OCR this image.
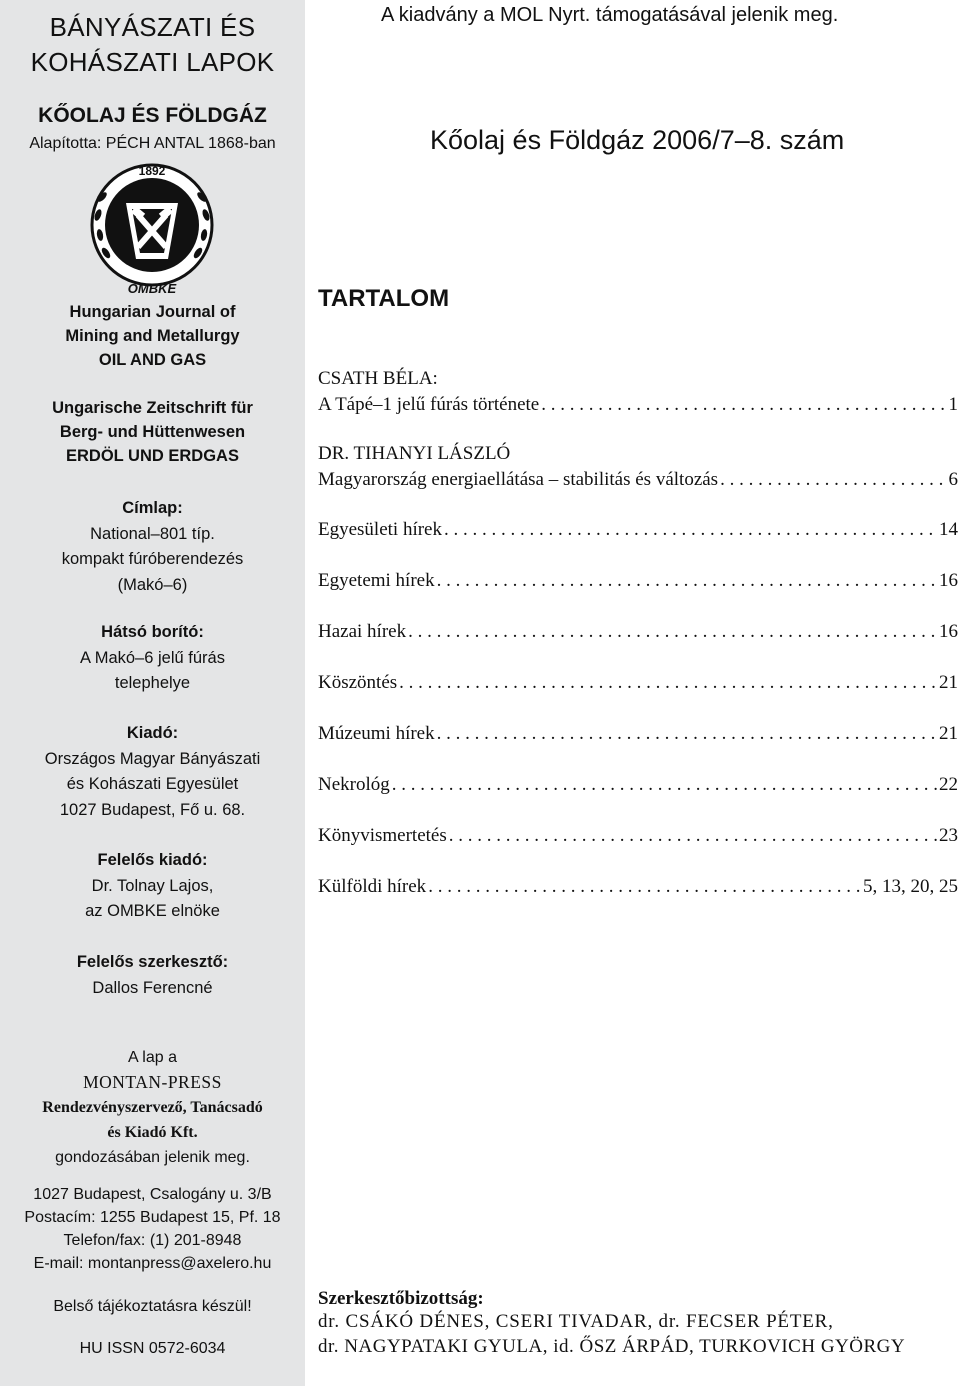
BÁNYÁSZATI ÉS
KOHÁSZATI LAPOK
KŐOLAJ ÉS FÖLDGÁZ
Alapította: PÉCH ANTAL 1868-ban
1892
OMBKE
Hungarian Journal of
Mining and Metallurgy
OIL AND GAS
Ungarische Zeitschrift für
Berg- und Hüttenwesen
ERDÖL UND ERDGAS
Címlap:
National–801 típ.
kompakt fúróberendezés
(Makó–6)
Hátsó borító:
A Makó–6 jelű fúrás
telephelye
Kiadó:
Országos Magyar Bányászati
és Kohászati Egyesület
1027 Budapest, Fő u. 68.
Felelős kiadó:
Dr. Tolnay Lajos,
az OMBKE elnöke
Felelős szerkesztő:
Dallos Ferencné
A lap a
MONTAN-PRESS
Rendezvényszervező, Tanácsadó
és Kiadó Kft.
gondozásában jelenik meg.
1027 Budapest, Csalogány u. 3/B
Postacím: 1255 Budapest 15, Pf. 18
Telefon/fax: (1) 201-8948
E-mail: montanpress@axelero.hu
Belső tájékoztatásra készül!
HU ISSN 0572-6034
A kiadvány a MOL Nyrt. támogatásával jelenik meg.
Kőolaj és Földgáz 2006/7–8. szám
TARTALOM
CSATH BÉLA:
A Tápé–1 jelű fúrás története . . .	1
DR. TIHANYI LÁSZLÓ
Magyarország energiaellátása – stabilitás és változás . . .	6
Egyesületi hírek . . .	14
Egyetemi hírek . . .	16
Hazai hírek . . .	16
Köszöntés . . .	21
Múzeumi hírek . . .	21
Nekrológ . . .	22
Könyvismertetés . . .	23
Külföldi hírek . . .	5, 13, 20, 25
Szerkesztőbizottság:
dr. CSÁKÓ DÉNES, CSERI TIVADAR, dr. FECSER PÉTER,
dr. NAGYPATAKI GYULA, id. ŐSZ ÁRPÁD, TURKOVICH GYÖRGY
